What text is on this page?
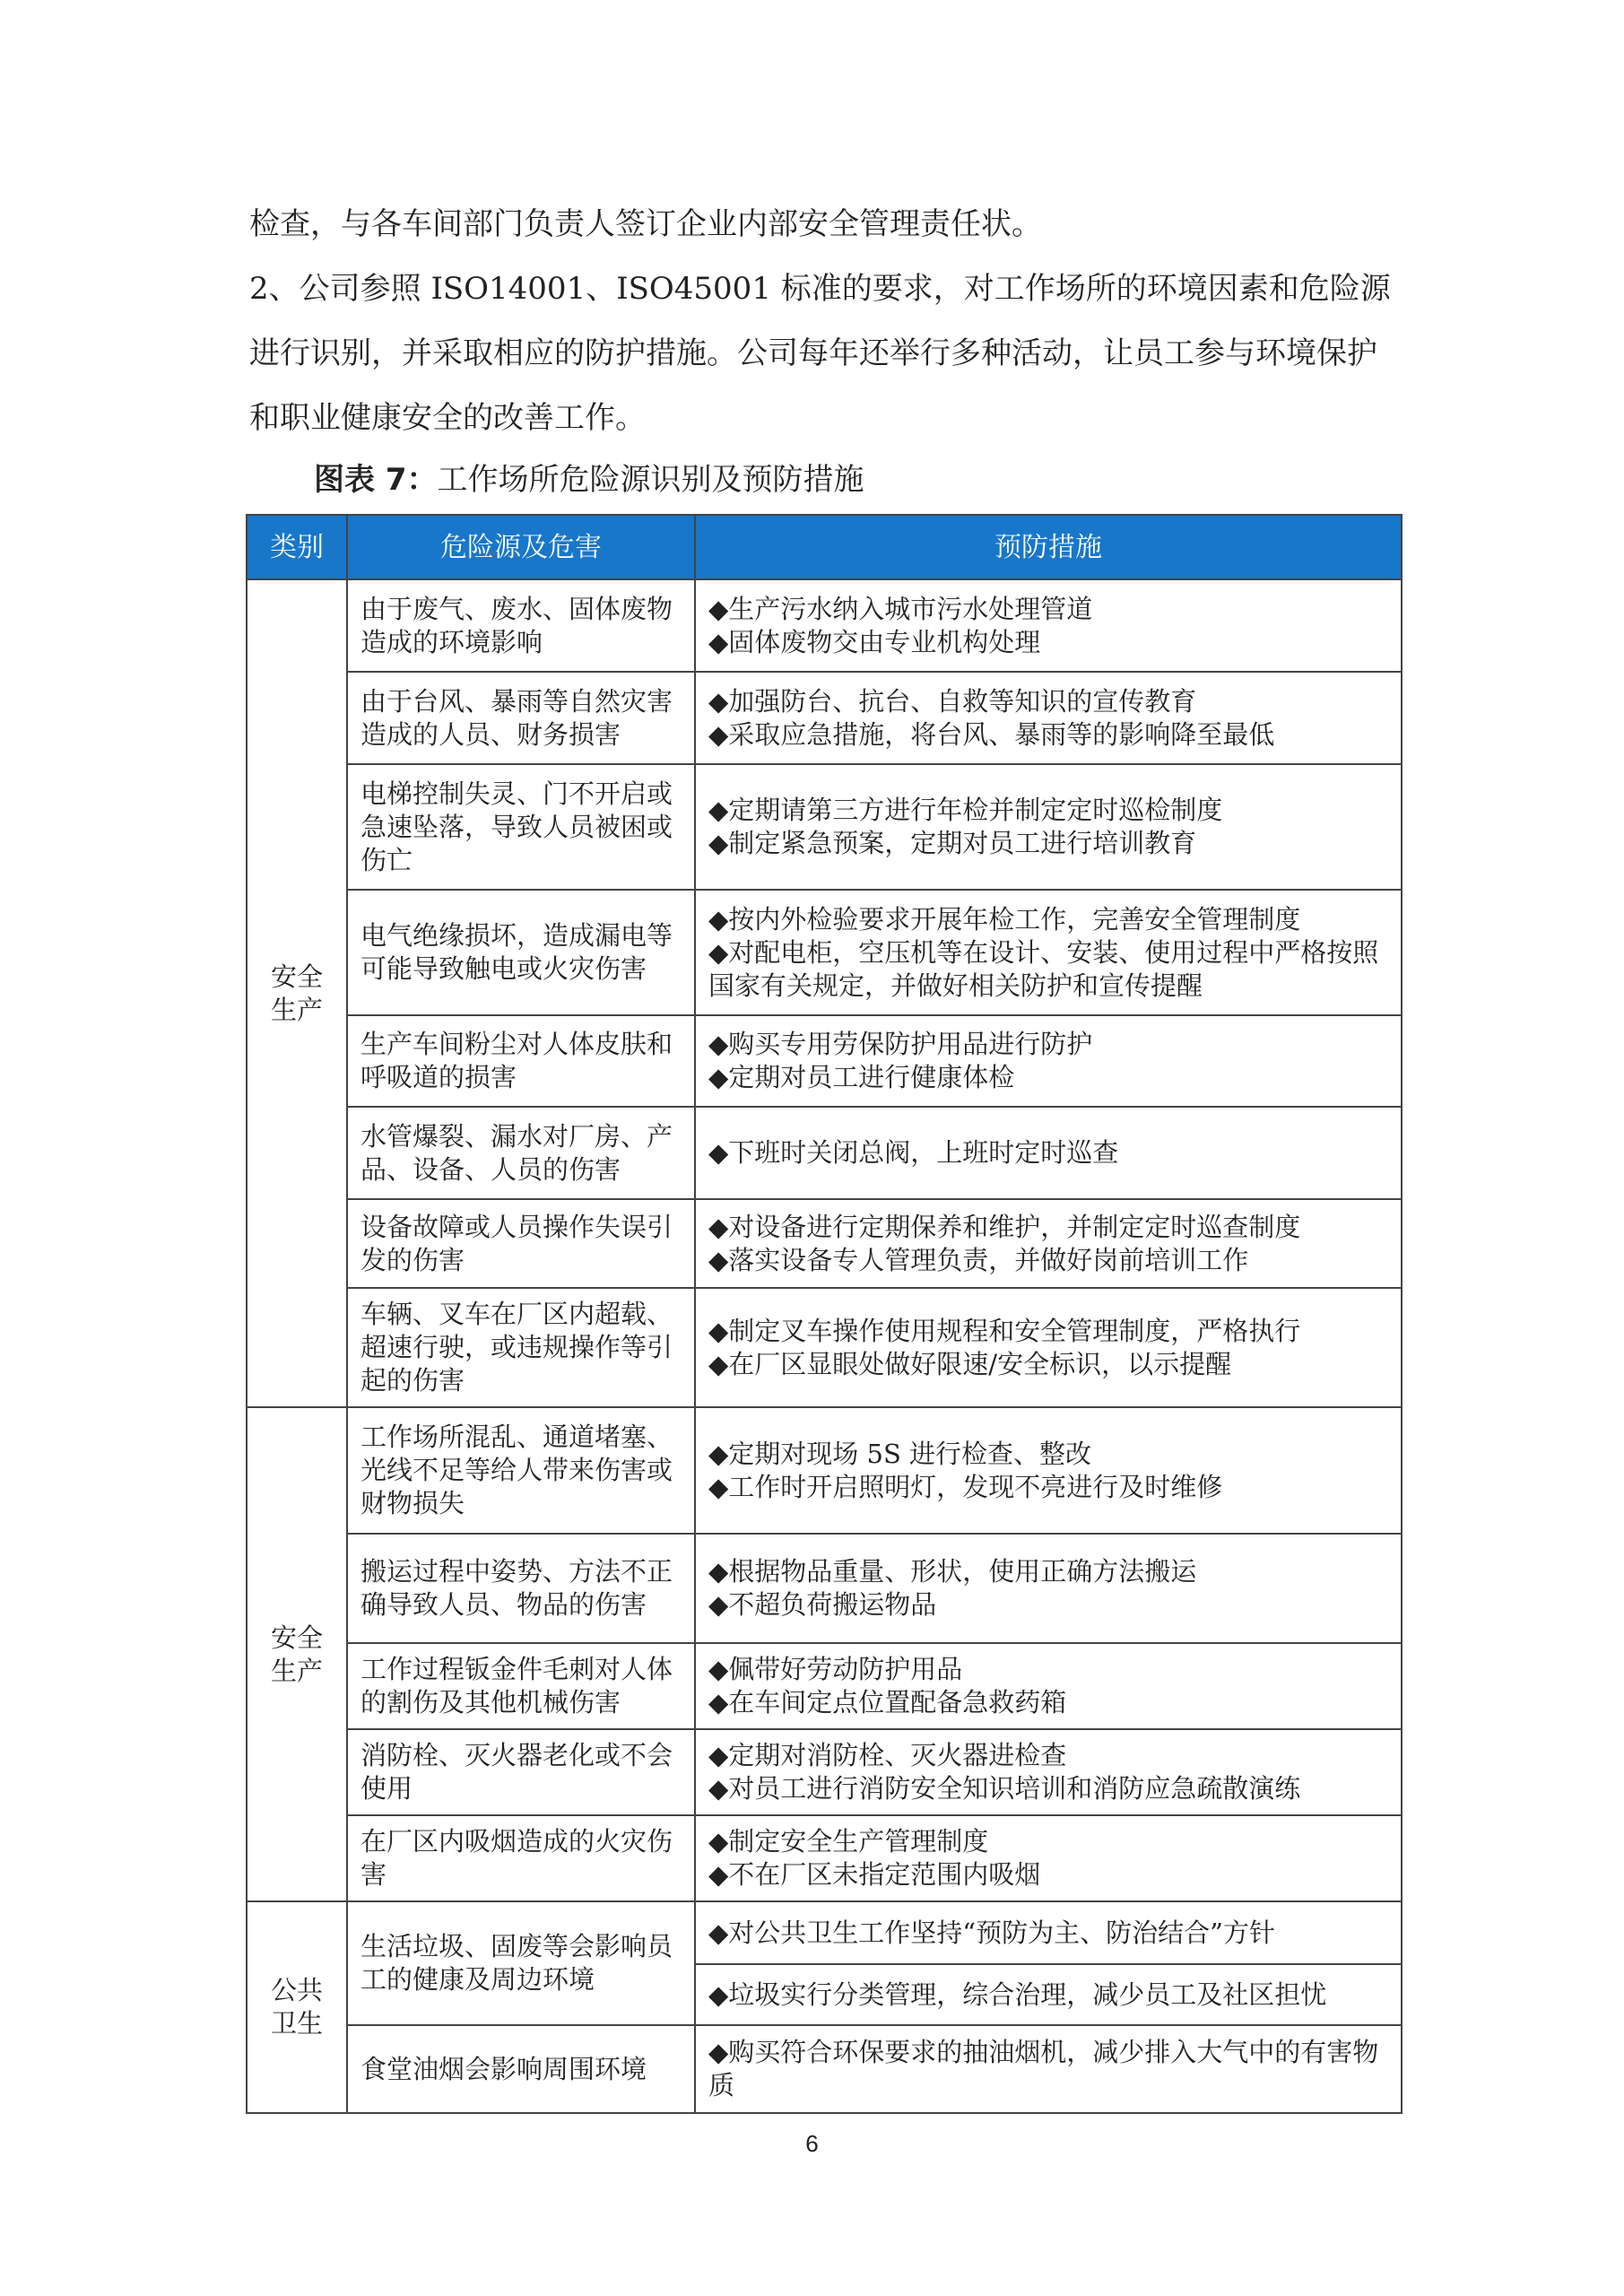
检查，与各车间部门负责人签订企业内部安全管理责任状。

2、公司参照 ISO14001、ISO45001 标准的要求，对工作场所的环境因素和危险源进行识别，并采取相应的防护措施。公司每年还举行多种活动，让员工参与环境保护和职业健康安全的改善工作。

图表 7：工作场所危险源识别及预防措施
类别	危险源及危害	预防措施
安全生产	由于废气、废水、固体废物造成的环境影响	◆生产污水纳入城市污水处理管道
◆固体废物交由专业机构处理

	由于台风、暴雨等自然灾害造成的人员、财务损害	◆加强防台、抗台、自救等知识的宣传教育
◆采取应急措施，将台风、暴雨等的影响降至最低

	电梯控制失灵、门不开启或急速坠落，导致人员被困或伤亡	◆定期请第三方进行年检并制定定时巡检制度
◆制定紧急预案，定期对员工进行培训教育

	电气绝缘损坏，造成漏电等可能导致触电或火灾伤害	◆按内外检验要求开展年检工作，完善安全管理制度
◆对配电柜，空压机等在设计、安装、使用过程中严格按照国家有关规定，并做好相关防护和宣传提醒

	生产车间粉尘对人体皮肤和呼吸道的损害	◆购买专用劳保防护用品进行防护
◆定期对员工进行健康体检

	水管爆裂、漏水对厂房、产品、设备、人员的伤害	◆下班时关闭总阀，上班时定时巡查

	设备故障或人员操作失误引发的伤害	◆对设备进行定期保养和维护，并制定定时巡查制度
◆落实设备专人管理负责，并做好岗前培训工作

	车辆、叉车在厂区内超载、超速行驶，或违规操作等引起的伤害	◆制定叉车操作使用规程和安全管理制度，严格执行
◆在厂区显眼处做好限速/安全标识，以示提醒

安全生产	工作场所混乱、通道堵塞、光线不足等给人带来伤害或财物损失	◆定期对现场 5S 进行检查、整改
◆工作时开启照明灯，发现不亮进行及时维修

	搬运过程中姿势、方法不正确导致人员、物品的伤害	◆根据物品重量、形状，使用正确方法搬运
◆不超负荷搬运物品

	工作过程钣金件毛刺对人体的割伤及其他机械伤害	◆佩带好劳动防护用品
◆在车间定点位置配备急救药箱

	消防栓、灭火器老化或不会使用	◆定期对消防栓、灭火器进检查
◆对员工进行消防安全知识培训和消防应急疏散演练

	在厂区内吸烟造成的火灾伤害	◆制定安全生产管理制度
◆不在厂区未指定范围内吸烟

公共卫生	生活垃圾、固废等会影响员工的健康及周边环境	◆对公共卫生工作坚持“预防为主、防治结合”方针

		◆垃圾实行分类管理，综合治理，减少员工及社区担忧

	食堂油烟会影响周围环境	◆购买符合环保要求的抽油烟机，减少排入大气中的有害物质
6
